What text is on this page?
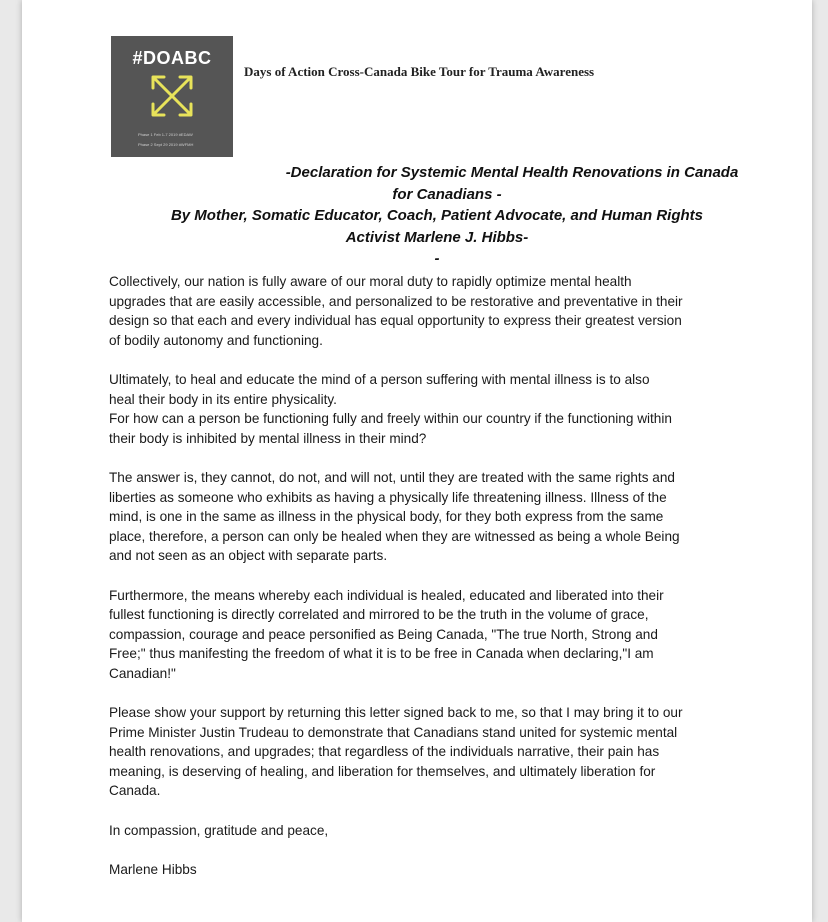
#DOABC
Phase 1 Feb 1-7 2019 #EDAW
Phase 2 Sept 29 2019 #WFMH
Days of Action Cross-Canada Bike Tour for Trauma Awareness
-Declaration for Systemic Mental Health Renovations in Canada
for Canadians -
By Mother, Somatic Educator, Coach, Patient Advocate, and Human Rights
Activist Marlene J. Hibbs-
-

Collectively, our nation is fully aware of our moral duty to rapidly optimize mental health
upgrades that are easily accessible, and personalized to be restorative and preventative in their
design so that each and every individual has equal opportunity to express their greatest version
of bodily autonomy and functioning.

Ultimately, to heal and educate the mind of a person suffering with mental illness is to also
heal their body in its entire physicality.
For how can a person be functioning fully and freely within our country if the functioning within
their body is inhibited by mental illness in their mind?

The answer is, they cannot, do not, and will not, until they are treated with the same rights and
liberties as someone who exhibits as having a physically life threatening illness. Illness of the
mind, is one in the same as illness in the physical body, for they both express from the same
place, therefore, a person can only be healed when they are witnessed as being a whole Being
and not seen as an object with separate parts.

Furthermore, the means whereby each individual is healed, educated and liberated into their
fullest functioning is directly correlated and mirrored to be the truth in the volume of grace,
compassion, courage and peace personified as Being Canada, "The true North, Strong and
Free;" thus manifesting the freedom of what it is to be free in Canada when declaring,"I am
Canadian!"

Please show your support by returning this letter signed back to me, so that I may bring it to our
Prime Minister Justin Trudeau to demonstrate that Canadians stand united for systemic mental
health renovations, and upgrades; that regardless of the individuals narrative, their pain has
meaning, is deserving of healing, and liberation for themselves, and ultimately liberation for
Canada.

In compassion, gratitude and peace,

Marlene Hibbs
